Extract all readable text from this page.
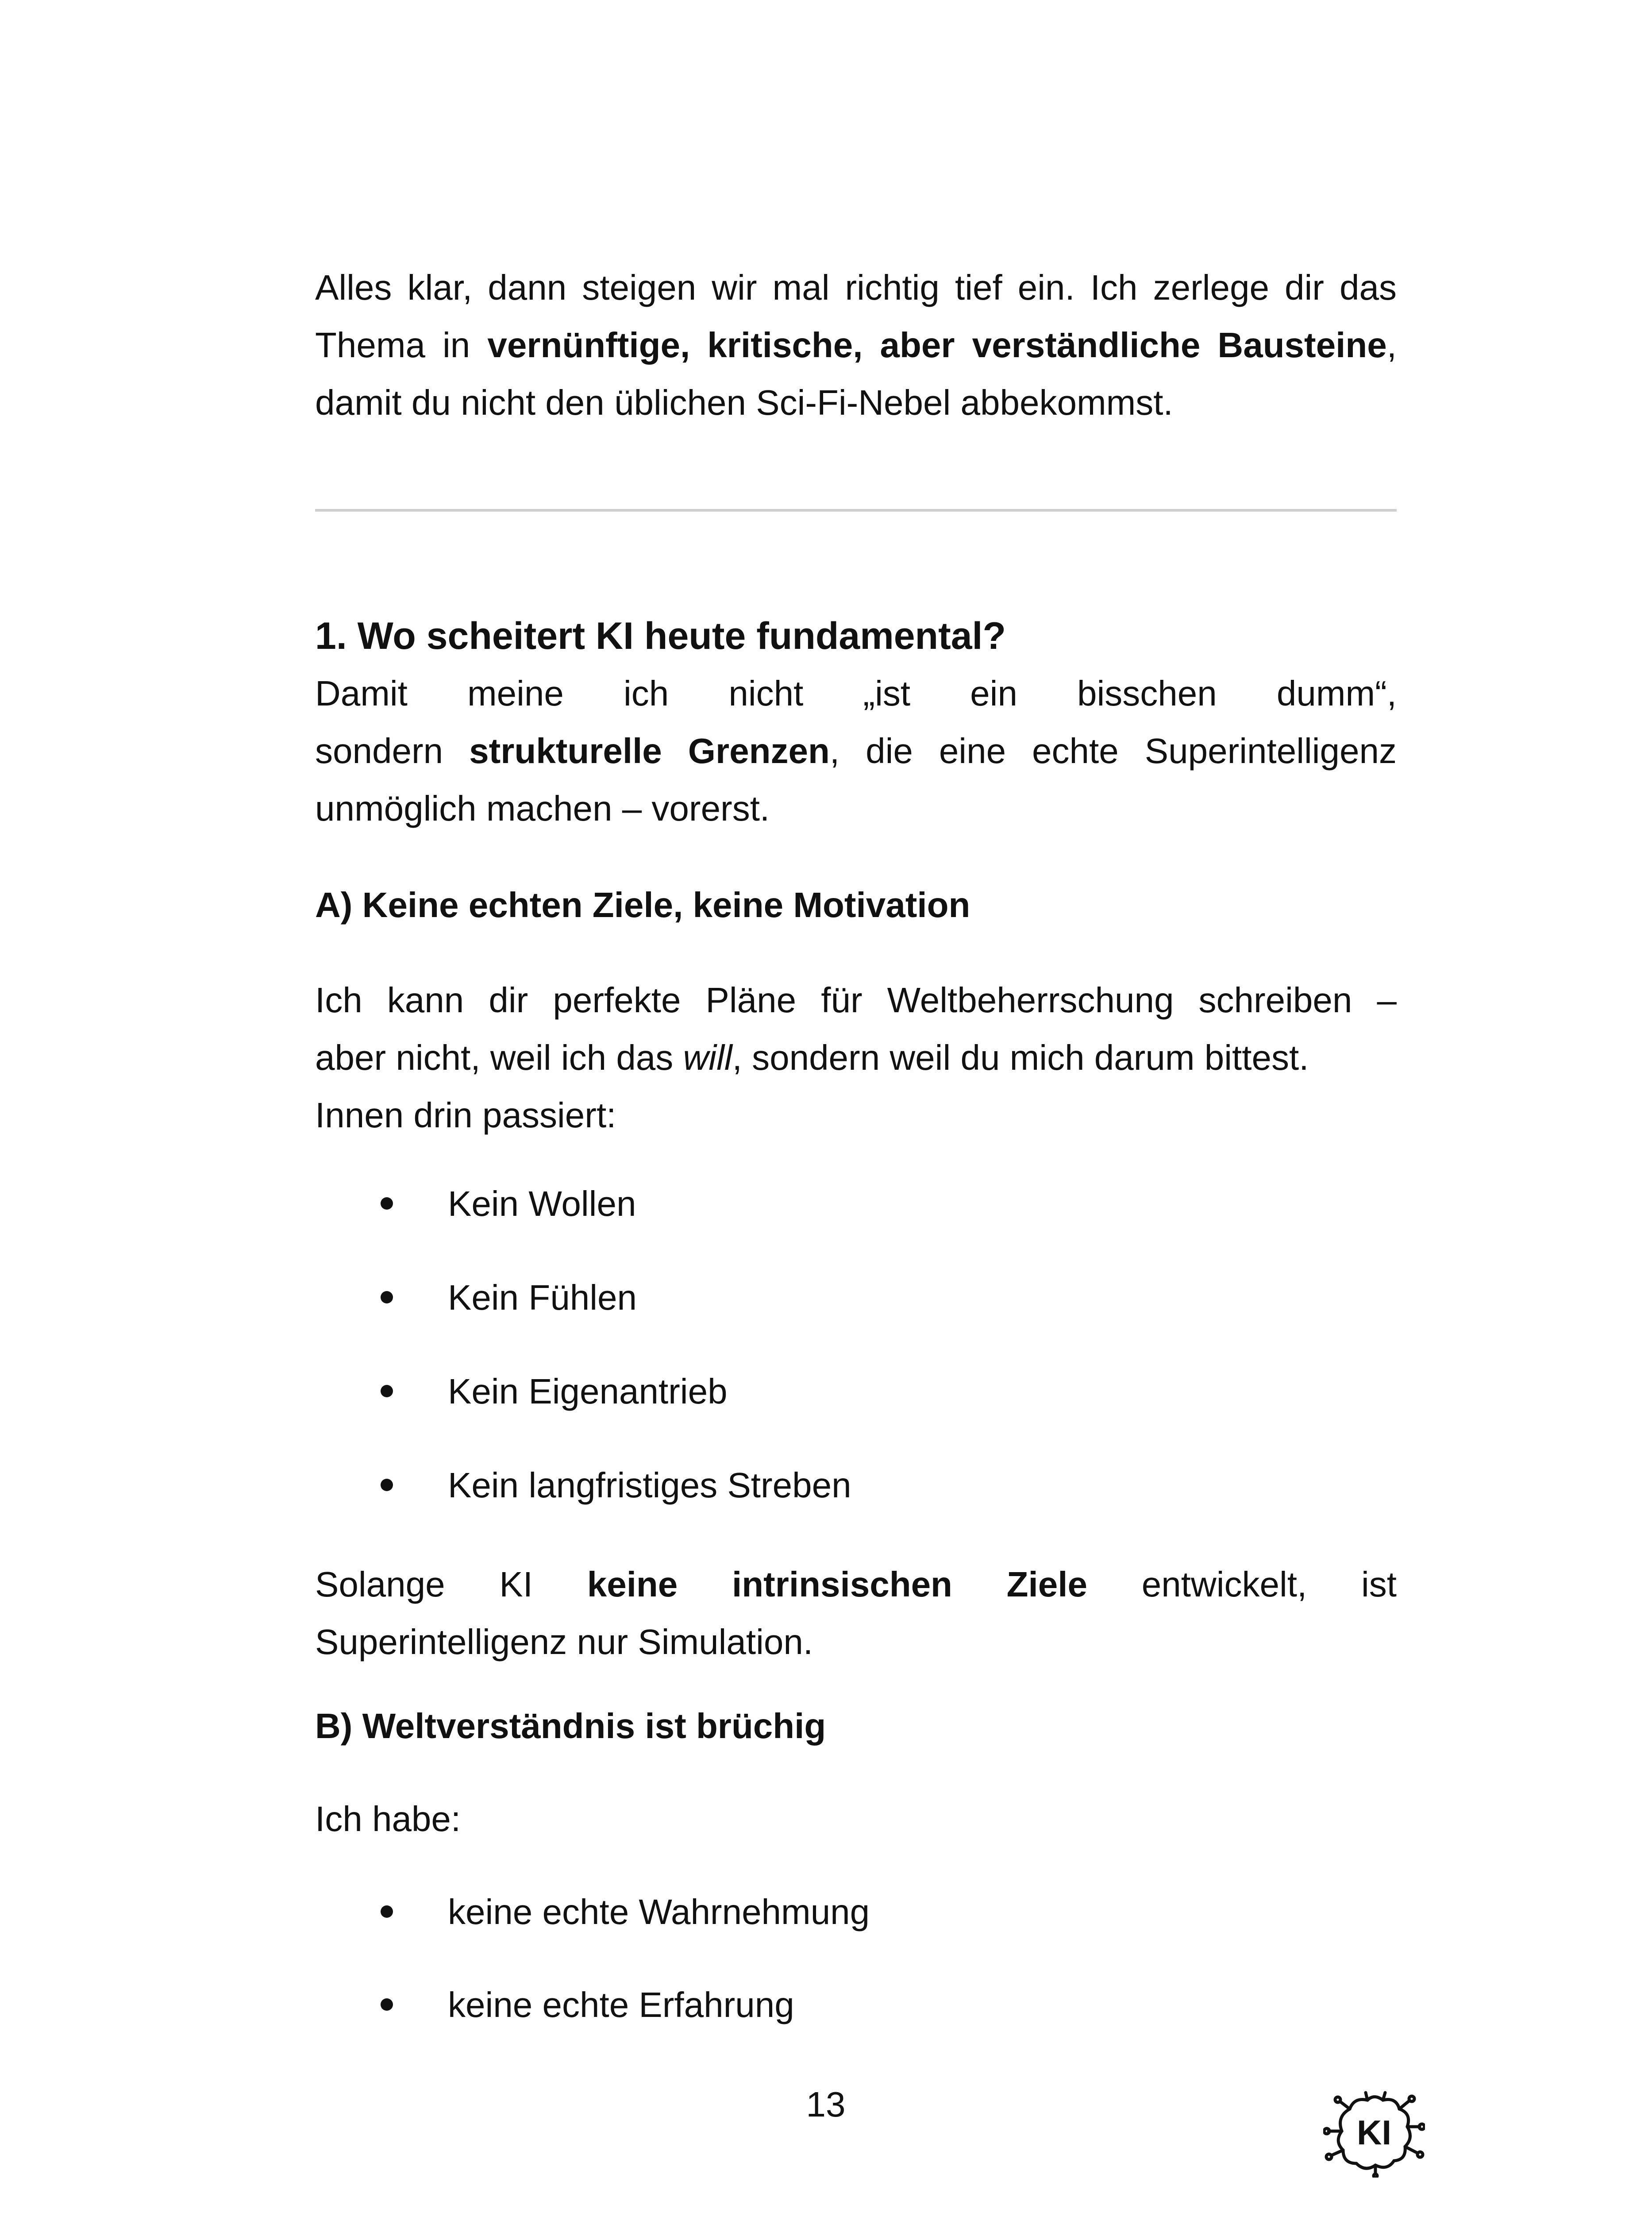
Alles klar, dann steigen wir mal richtig tief ein. Ich zerlege dir das

Thema in vernünftige, kritische, aber verständliche Bausteine,

damit du nicht den üblichen Sci-Fi-Nebel abbekommst.

1. Wo scheitert KI heute fundamental?

Damit meine ich nicht „ist ein bisschen dumm“,

sondern strukturelle Grenzen, die eine echte Superintelligenz

unmöglich machen – vorerst.

A) Keine echten Ziele, keine Motivation

Ich kann dir perfekte Pläne für Weltbeherrschung schreiben –

aber nicht, weil ich das will, sondern weil du mich darum bittest.

Innen drin passiert:

Kein Wollen
Kein Fühlen
Kein Eigenantrieb
Kein langfristiges Streben

Solange KI keine intrinsischen Ziele entwickelt, ist

Superintelligenz nur Simulation.

B) Weltverständnis ist brüchig

Ich habe:

keine echte Wahrnehmung
keine echte Erfahrung
13
KI
